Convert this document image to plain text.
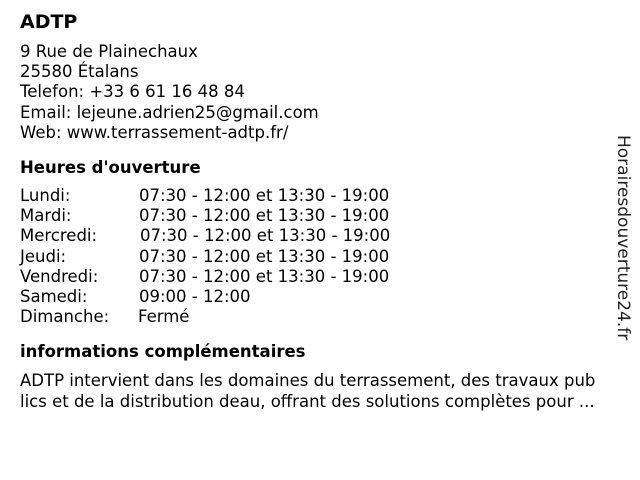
ADTP
9 Rue de Plainechaux
25580 Étalans
Telefon: +33 6 61 16 48 84
Email: lejeune.adrien25@gmail.com
Web: www.terrassement-adtp.fr/
Heures d'ouverture
Lundi:	07:30 - 12:00 et 13:30 - 19:00
Mardi:	07:30 - 12:00 et 13:30 - 19:00
Mercredi:	07:30 - 12:00 et 13:30 - 19:00
Jeudi:	07:30 - 12:00 et 13:30 - 19:00
Vendredi: 07:30 - 12:00 et 13:30 - 19:00
Samedi:	09:00 - 12:00
Dimanche: Fermé
informations complémentaires
ADTP intervient dans les domaines du terrassement, des travaux pub
lics et de la distribution deau, offrant des solutions complètes pour ...
Horairesdouverture24.fr
